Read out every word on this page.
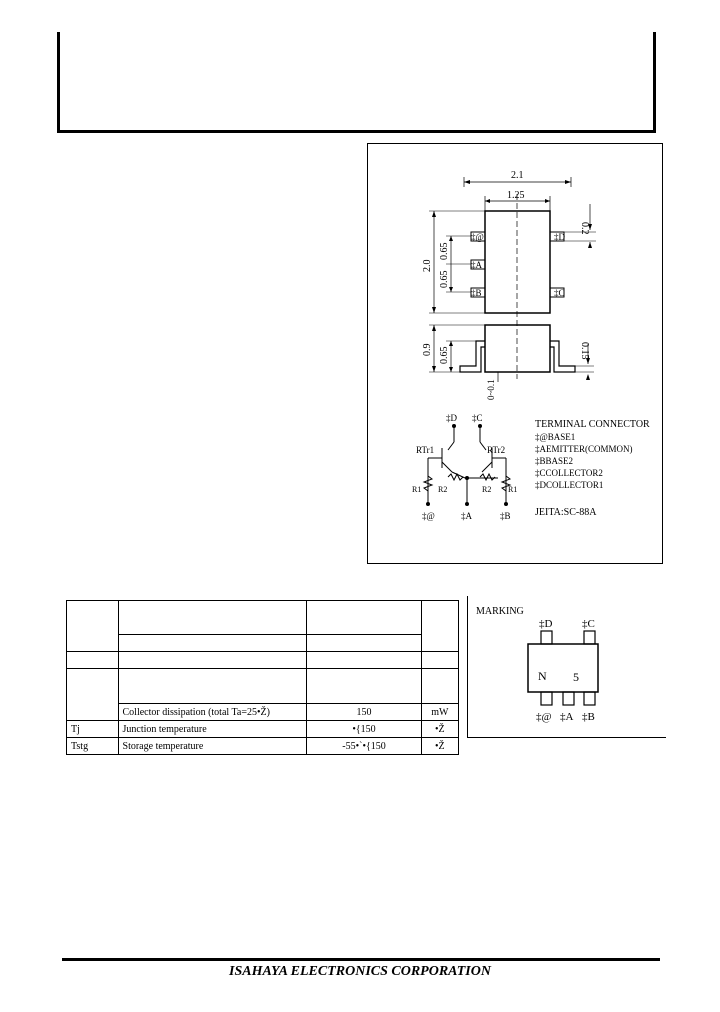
2.1
1.25
0.2
2.0
0.65
0.65
0.9 0.65	0.15
0~0.1
‡@
‡A
‡B
‡D
‡C
‡D ‡C
RTr1	RTr2
R1 R2	R2 R1
‡@	‡A	‡B
TERMINAL CONNECTOR
‡@BASE1
‡AEMITTER(COMMON)
‡BBASE2
‡CCOLLECTOR2
‡DCOLLECTOR1
JEITA:SC-88A

	Collector dissipation (total Ta=25•Ž)	150	mW
Tj	Junction temperature	•{150	•Ž
Tstg	Storage temperature	-55•`•{150	•Ž
MARKING
‡D	‡C
N 5
‡@ ‡A ‡B
ISAHAYA ELECTRONICS CORPORATION
